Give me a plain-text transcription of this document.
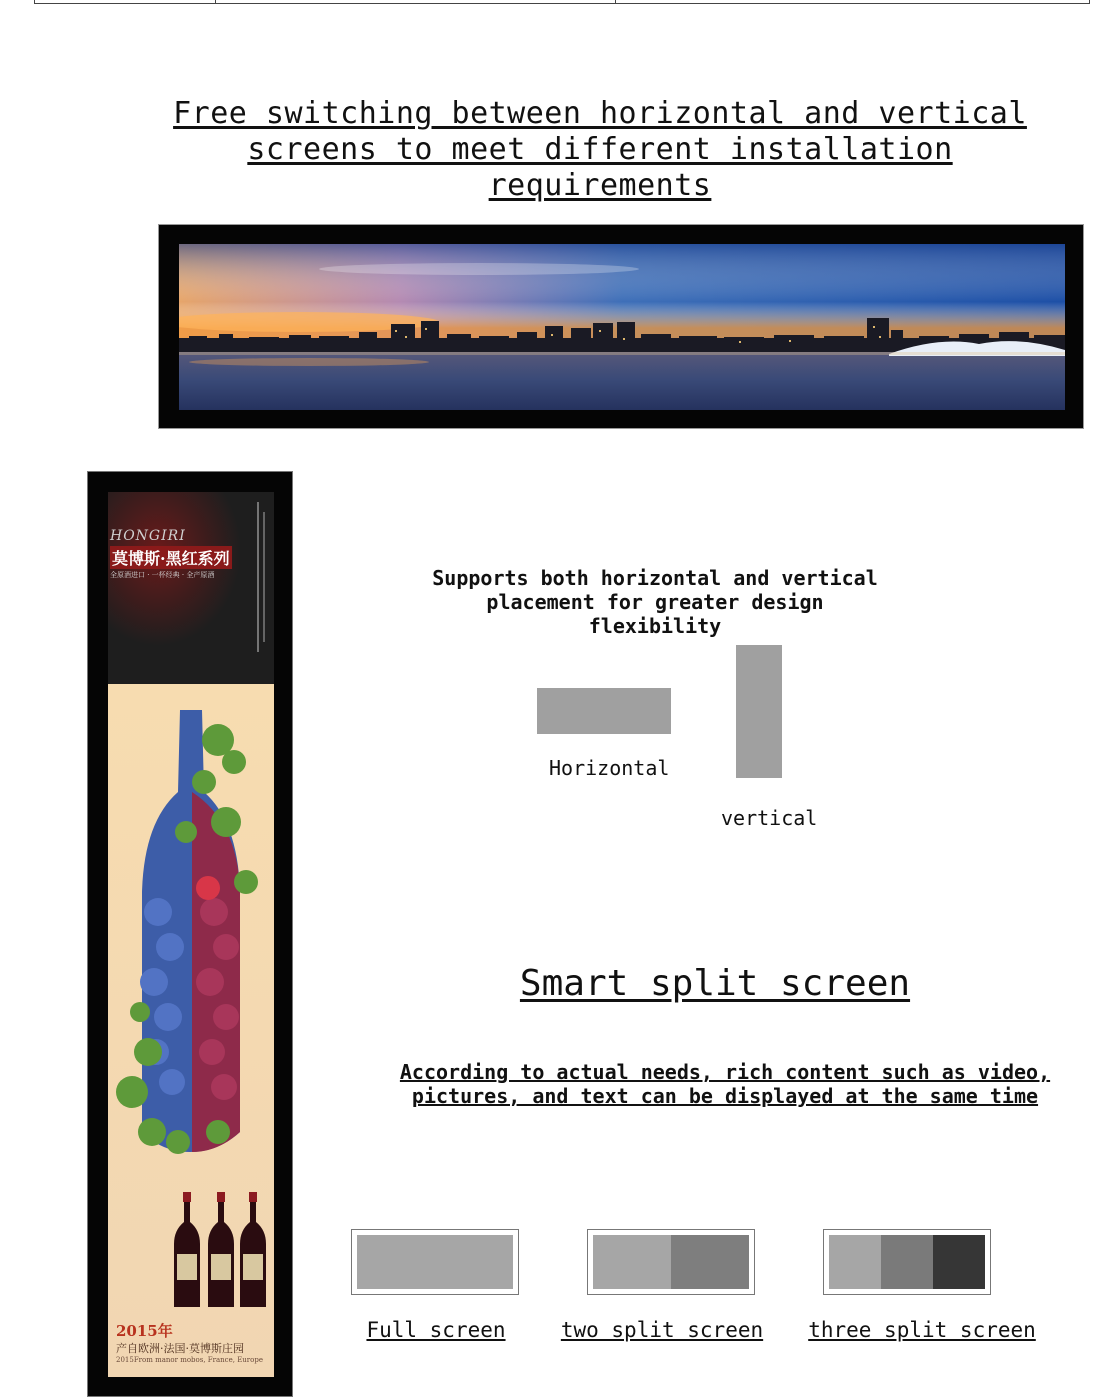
Free switching between horizontal and vertical
screens to meet different installation
requirements
HONGIRI
莫博斯·黑红系列
全原酒进口 · 一杯经典 · 全产原酒
2015年
产自欧洲·法国·莫博斯庄园
2015From manor mobos, France, Europe
Supports both horizontal and vertical
placement for greater design
flexibility
Horizontal
vertical
Smart split screen
According to actual needs, rich content such as video,
pictures, and text can be displayed at the same time
Full screen	two split screen three split screen
